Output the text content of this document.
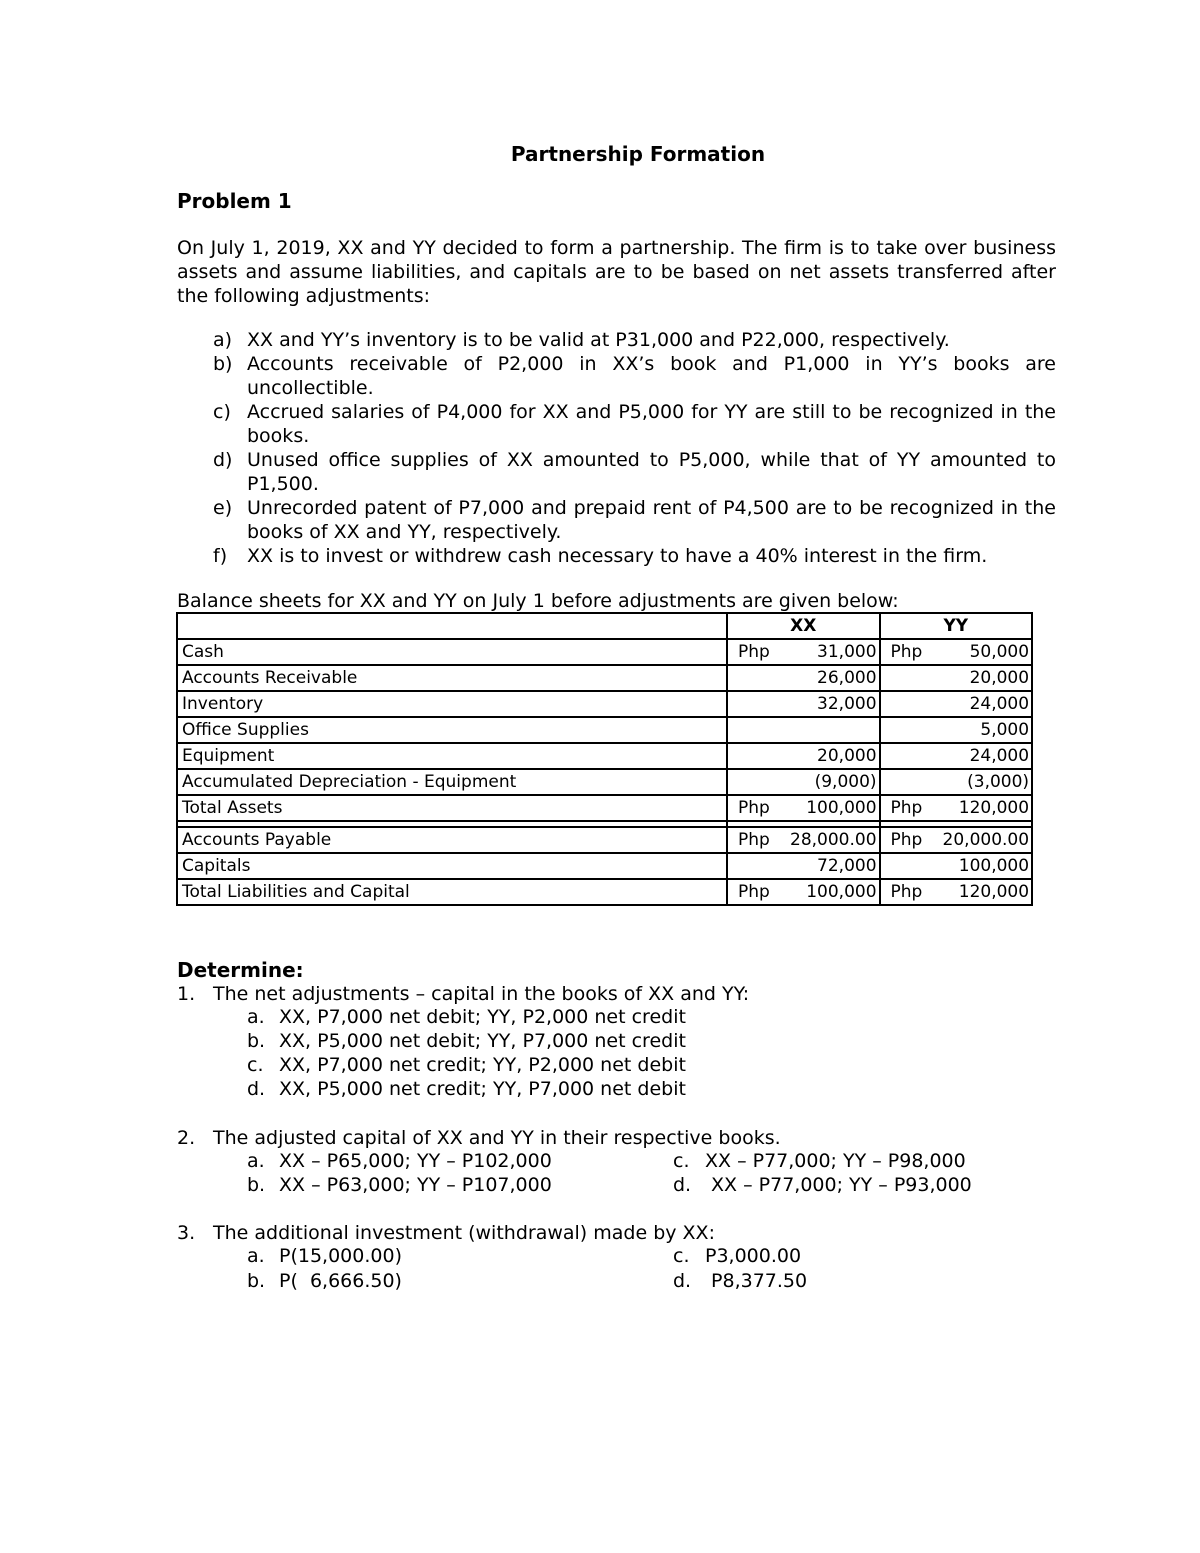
Partnership Formation
Problem 1
On July 1, 2019, XX and YY decided to form a partnership. The firm is to take over business assets and assume liabilities, and capitals are to be based on net assets transferred after the following adjustments:
a) XX and YY’s inventory is to be valid at P31,000 and P22,000, respectively.
b) Accounts receivable of P2,000 in XX’s book and P1,000 in YY’s books are uncollectible.
c) Accrued salaries of P4,000 for XX and P5,000 for YY are still to be recognized in the books.
d) Unused office supplies of XX amounted to P5,000, while that of YY amounted to P1,500.
e) Unrecorded patent of P7,000 and prepaid rent of P4,500 are to be recognized in the books of XX and YY, respectively.
f) XX is to invest or withdrew cash necessary to have a 40% interest in the firm.
Balance sheets for XX and YY on July 1 before adjustments are given below:
	XX		YY	
Cash	Php	31,000	Php	50,000
Accounts Receivable		26,000		20,000
Inventory		32,000		24,000
Office Supplies				5,000
Equipment		20,000		24,000
Accumulated Depreciation - Equipment		(9,000)		(3,000)
Total Assets	Php	100,000	Php	120,000

Accounts Payable	Php	28,000.00	Php	20,000.00
Capitals		72,000		100,000
Total Liabilities and Capital	Php	100,000	Php	120,000
Determine:
1. The net adjustments – capital in the books of XX and YY:
a. XX, P7,000 net debit; YY, P2,000 net credit
b. XX, P5,000 net debit; YY, P7,000 net credit
c. XX, P7,000 net credit; YY, P2,000 net debit
d. XX, P5,000 net credit; YY, P7,000 net debit
2. The adjusted capital of XX and YY in their respective books.
a. XX – P65,000; YY – P102,000
b. XX – P63,000; YY – P107,000
c. XX – P77,000; YY – P98,000
d. XX – P77,000; YY – P93,000
3. The additional investment (withdrawal) made by XX:
a. P(15,000.00)
b. P(  6,666.50)
c. P3,000.00
d. P8,377.50
